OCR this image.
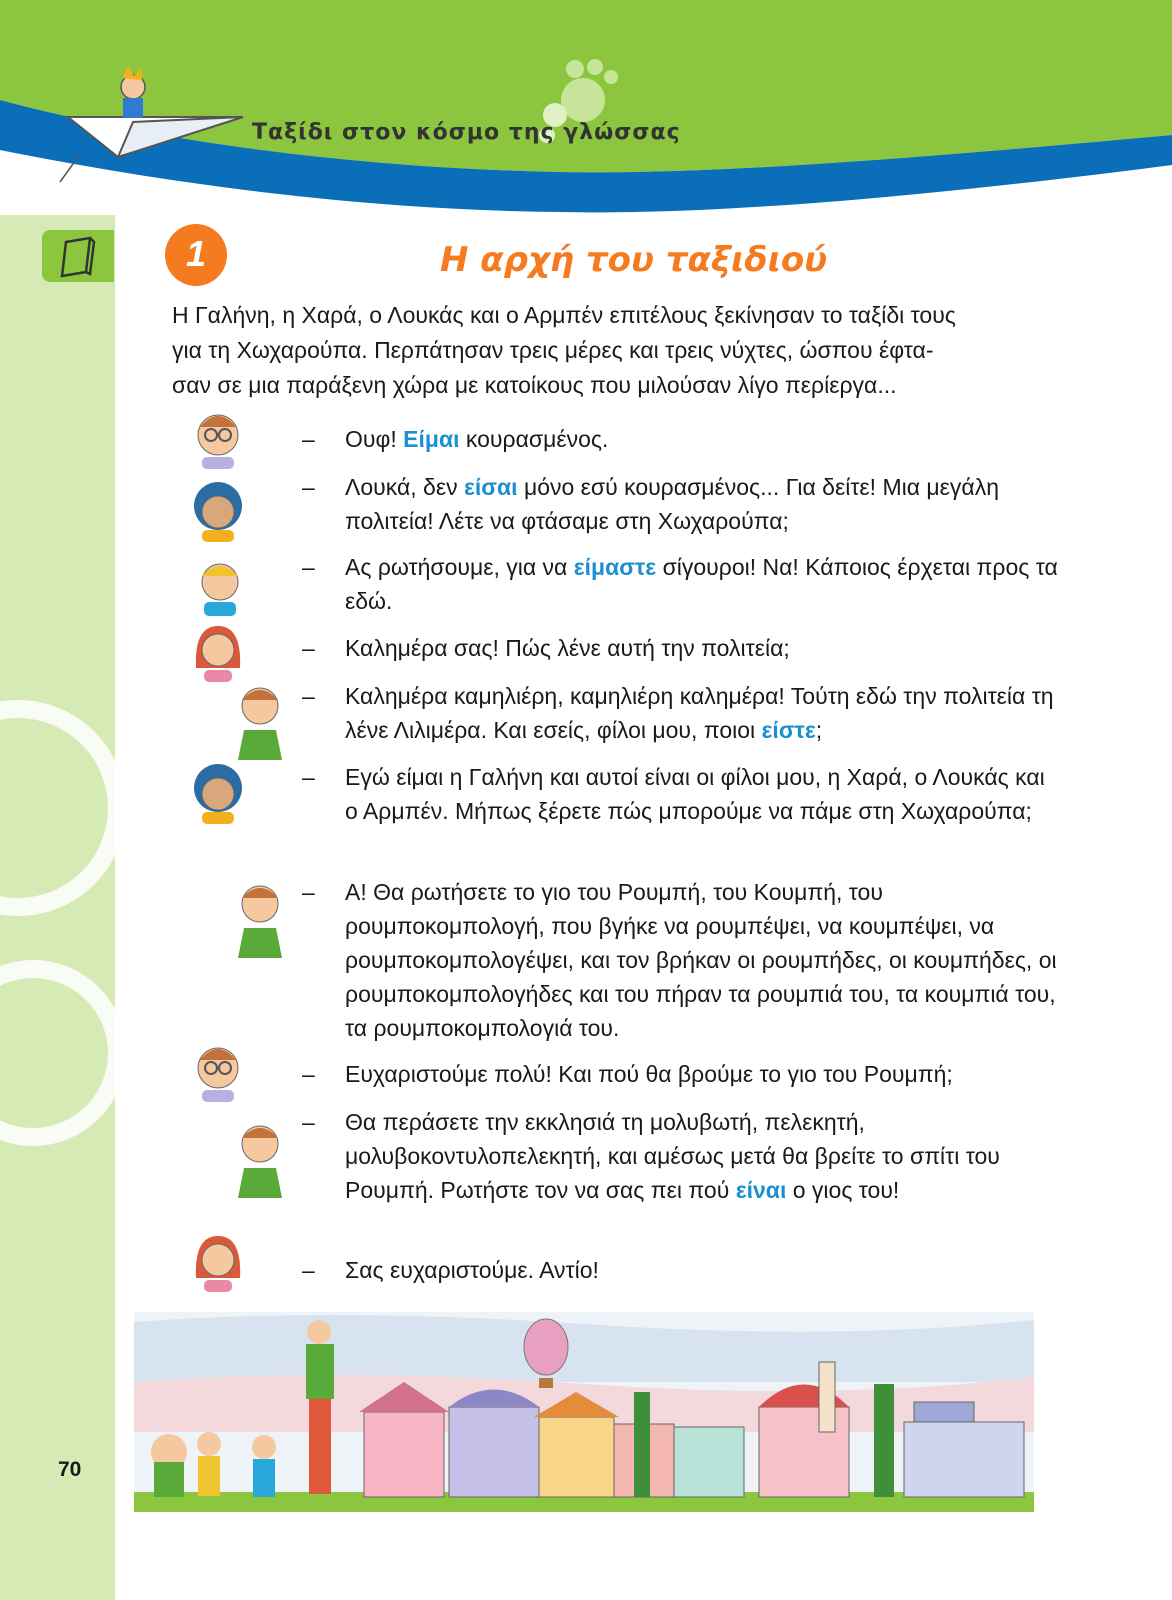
Ταξίδι στον κόσμο της γλώσσας
1	Η αρχή του ταξιδιού
Η Γαλήνη, η Χαρά, ο Λουκάς και ο Αρμπέν επιτέλους ξεκίνησαν το ταξίδι τους
για τη Χωχαρούπα. Περπάτησαν τρεις μέρες και τρεις νύχτες, ώσπου έφτα-
σαν σε μια παράξενη χώρα με κατοίκους που μιλούσαν λίγο περίεργα...
– Ουφ! Είμαι κουρασμένος.
– Λουκά, δεν είσαι μόνο εσύ κουρασμένος... Για δείτε! Μια μεγάλη πολιτεία! Λέτε να φτάσαμε στη Χωχαρούπα;
– Ας ρωτήσουμε, για να είμαστε σίγουροι! Να! Κάποιος έρχεται προς τα εδώ.
– Καλημέρα σας! Πώς λένε αυτή την πολιτεία;
– Καλημέρα καμηλιέρη, καμηλιέρη καλημέρα! Τούτη εδώ την πολιτεία τη λένε Λιλιμέρα. Και εσείς, φίλοι μου, ποιοι είστε;
– Εγώ είμαι η Γαλήνη και αυτοί είναι οι φίλοι μου, η Χαρά, ο Λουκάς και ο Αρμπέν. Μήπως ξέρετε πώς μπορούμε να πάμε στη Χωχαρούπα;
– Α! Θα ρωτήσετε το γιο του Ρουμπή, του Κουμπή, του ρουμποκομπολογή, που βγήκε να ρουμπέψει, να κουμπέψει, να ρουμποκομπολογέψει, και τον βρήκαν οι ρουμπήδες, οι κουμπήδες, οι ρουμποκομπολογήδες και του πήραν τα ρουμπιά του, τα κουμπιά του, τα ρουμποκομπολογιά του.
– Ευχαριστούμε πολύ! Και πού θα βρούμε το γιο του Ρουμπή;
– Θα περάσετε την εκκλησιά τη μολυβωτή, πελεκητή, μολυβοκοντυλοπελεκητή, και αμέσως μετά θα βρείτε το σπίτι του Ρουμπή. Ρωτήστε τον να σας πει πού είναι ο γιος του!
– Σας ευχαριστούμε. Αντίο!
70
